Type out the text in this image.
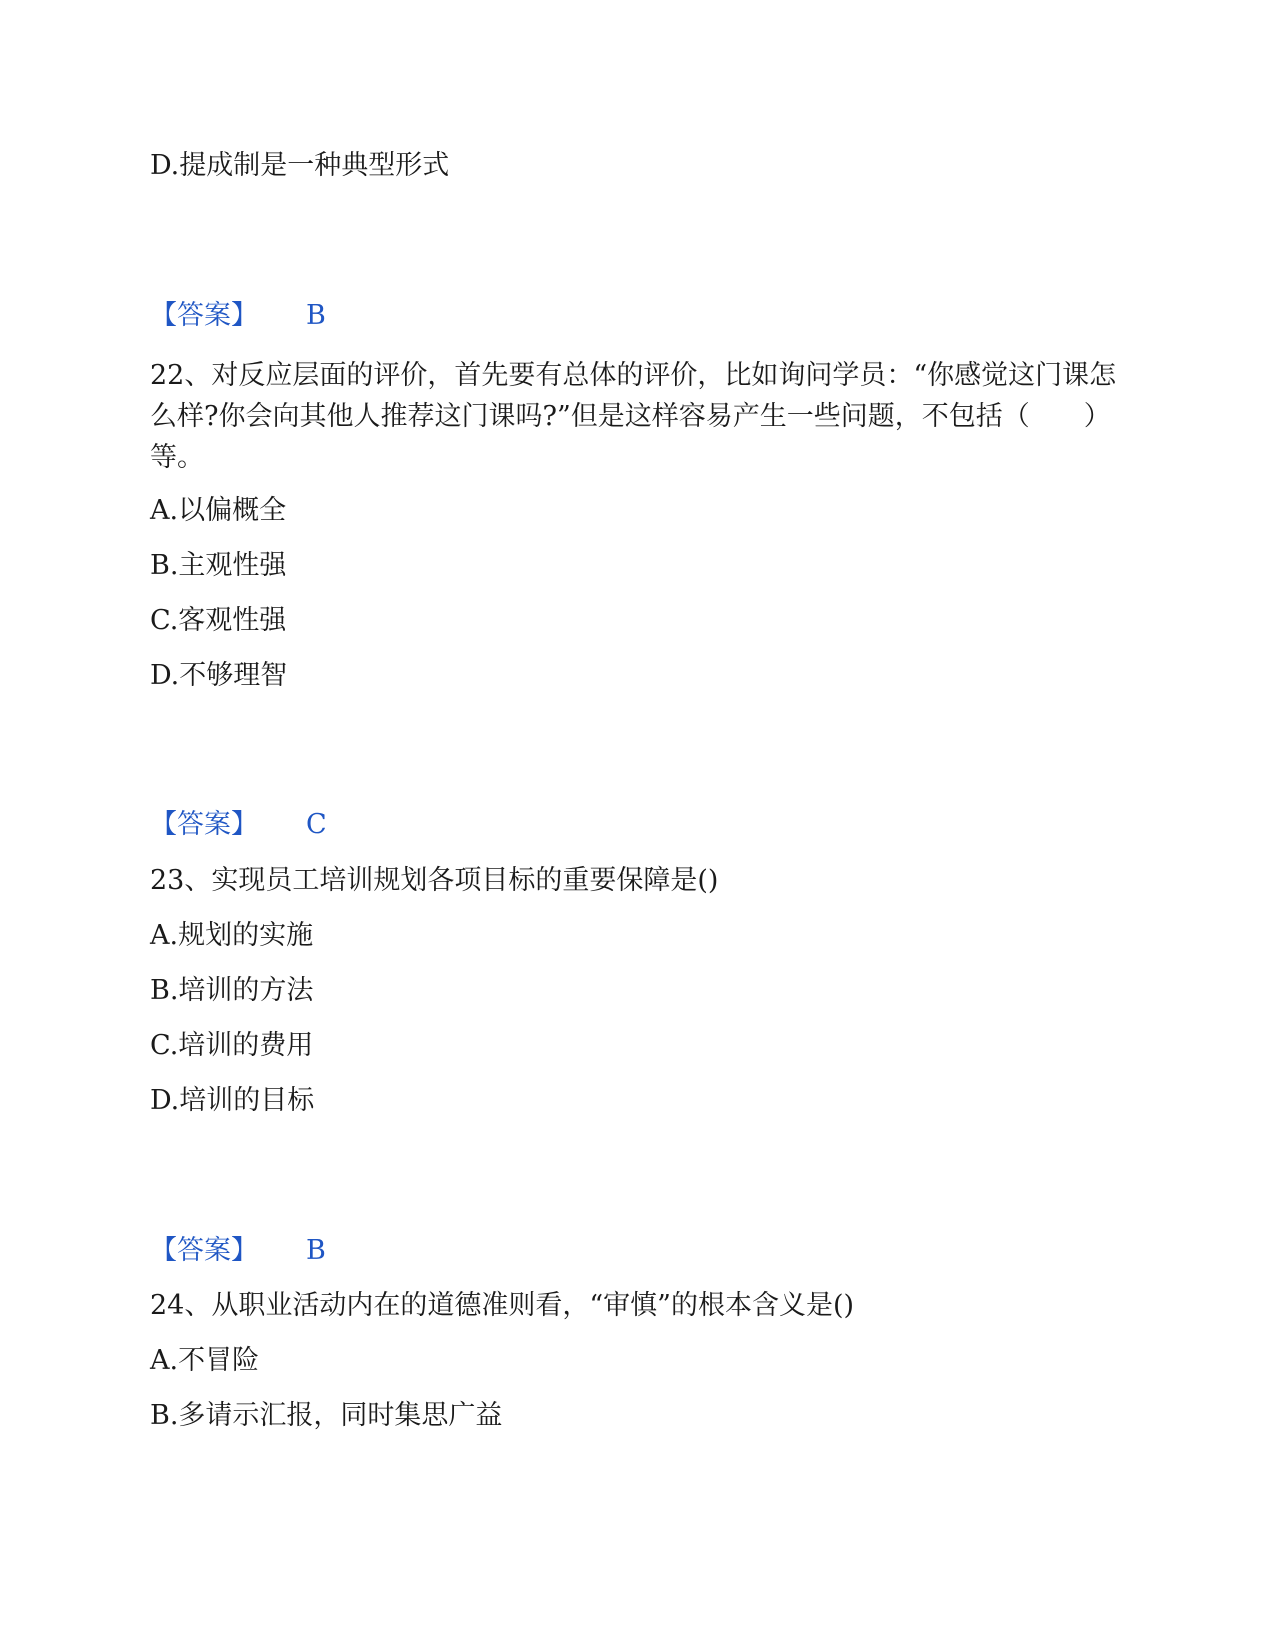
D.提成制是一种典型形式
【答案】 B
22、对反应层面的评价，首先要有总体的评价，比如询问学员：“你感觉这门课怎么样?你会向其他人推荐这门课吗?”但是这样容易产生一些问题，不包括（　　）等。
A.以偏概全
B.主观性强
C.客观性强
D.不够理智
【答案】 C
23、实现员工培训规划各项目标的重要保障是()
A.规划的实施
B.培训的方法
C.培训的费用
D.培训的目标
【答案】 B
24、从职业活动内在的道德准则看，“审慎”的根本含义是()
A.不冒险
B.多请示汇报，同时集思广益
